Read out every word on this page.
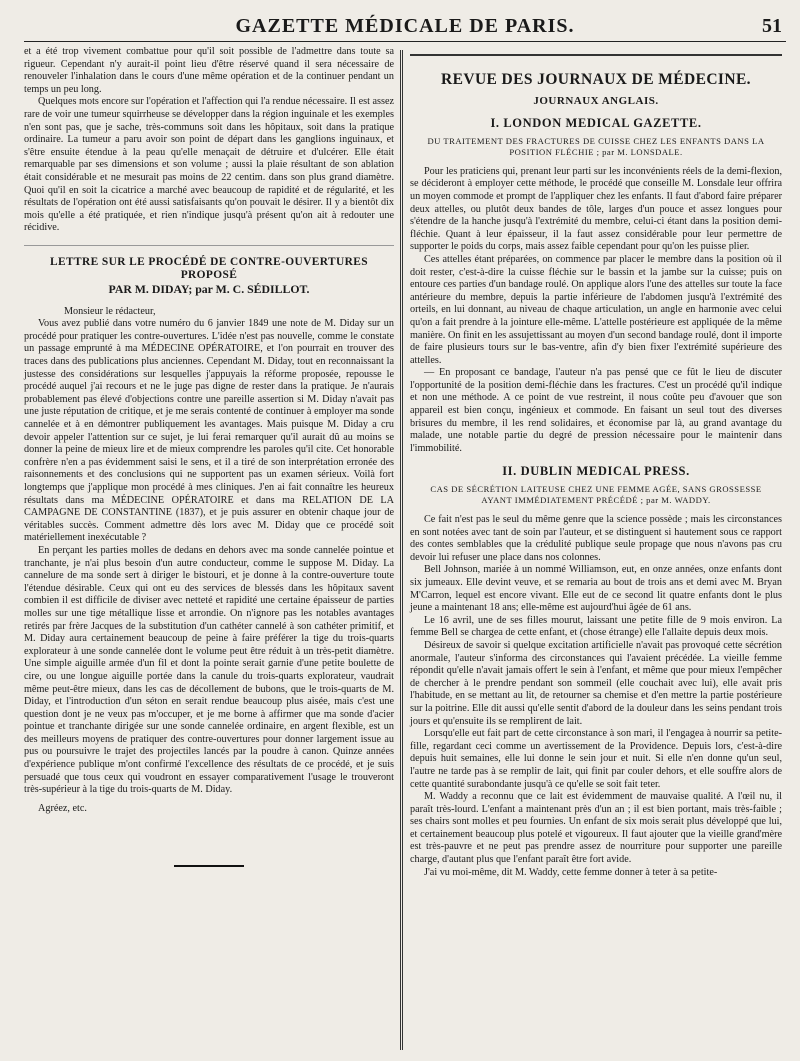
GAZETTE MÉDICALE DE PARIS.	51

et a été trop vivement combattue pour qu'il soit possible de l'admettre dans toute sa rigueur. Cependant n'y aurait-il point lieu d'être réservé quand il sera nécessaire de renouveler l'inhalation dans le cours d'une même opération et de la continuer pendant un temps un peu long.

Quelques mots encore sur l'opération et l'affection qui l'a rendue nécessaire. Il est assez rare de voir une tumeur squirrheuse se développer dans la région inguinale et les exemples n'en sont pas, que je sache, très-communs soit dans les hôpitaux, soit dans la pratique ordinaire. La tumeur a paru avoir son point de départ dans les ganglions inguinaux, et s'être ensuite étendue à la peau qu'elle menaçait de détruire et d'ulcérer. Elle était remarquable par ses dimensions et son volume ; aussi la plaie résultant de son ablation était considérable et ne mesurait pas moins de 22 centim. dans son plus grand diamètre. Quoi qu'il en soit la cicatrice a marché avec beaucoup de rapidité et de régularité, et les résultats de l'opération ont été aussi satisfaisants qu'on pouvait le désirer. Il y a bientôt dix mois qu'elle a été pratiquée, et rien n'indique jusqu'à présent qu'on ait à redouter une récidive.

LETTRE SUR LE PROCÉDÉ DE CONTRE-OUVERTURES PROPOSÉ
PAR M. DIDAY; par M. C. SÉDILLOT.

Monsieur le rédacteur,

Vous avez publié dans votre numéro du 6 janvier 1849 une note de M. Diday sur un procédé pour pratiquer les contre-ouvertures. L'idée n'est pas nouvelle, comme le constate un passage emprunté à ma MÉDECINE OPÉRATOIRE, et l'on pourrait en trouver des traces dans des publications plus anciennes. Cependant M. Diday, tout en reconnaissant la justesse des considérations sur lesquelles j'appuyais la réforme proposée, repousse le procédé auquel j'ai recours et ne le juge pas digne de rester dans la pratique. Je n'aurais probablement pas élevé d'objections contre une pareille assertion si M. Diday n'avait pas une juste réputation de critique, et je me serais contenté de continuer à employer ma sonde cannelée et à en démontrer publiquement les avantages. Mais puisque M. Diday a cru devoir appeler l'attention sur ce sujet, je lui ferai remarquer qu'il aurait dû au moins se donner la peine de mieux lire et de mieux comprendre les paroles qu'il cite. Cet honorable confrère n'en a pas évidemment saisi le sens, et il a tiré de son interprétation erronée des raisonnements et des conclusions qui ne supportent pas un examen sérieux. Voilà fort longtemps que j'applique mon procédé à mes cliniques. J'en ai fait connaître les heureux résultats dans ma MÉDECINE OPÉRATOIRE et dans ma RELATION DE LA CAMPAGNE DE CONSTANTINE (1837), et je puis assurer en obtenir chaque jour de véritables succès. Comment admettre dès lors avec M. Diday que ce procédé soit matériellement inexécutable ?

En perçant les parties molles de dedans en dehors avec ma sonde cannelée pointue et tranchante, je n'ai plus besoin d'un autre conducteur, comme le suppose M. Diday. La cannelure de ma sonde sert à diriger le bistouri, et je donne à la contre-ouverture toute l'étendue désirable. Ceux qui ont eu des services de blessés dans les hôpitaux savent combien il est difficile de diviser avec netteté et rapidité une certaine épaisseur de parties molles sur une tige métallique lisse et arrondie. On n'ignore pas les notables avantages retirés par frère Jacques de la substitution d'un cathéter cannelé à son cathéter primitif, et M. Diday aura certainement beaucoup de peine à faire préférer la tige du trois-quarts explorateur à une sonde cannelée dont le volume peut être réduit à un très-petit diamètre. Une simple aiguille armée d'un fil et dont la pointe serait garnie d'une petite boulette de cire, ou une longue aiguille portée dans la canule du trois-quarts explorateur, vaudrait même peut-être mieux, dans les cas de décollement de bubons, que le trois-quarts de M. Diday, et l'introduction d'un séton en serait rendue beaucoup plus aisée, mais c'est une question dont je ne veux pas m'occuper, et je me borne à affirmer que ma sonde d'acier pointue et tranchante dirigée sur une sonde cannelée ordinaire, en argent flexible, est un des meilleurs moyens de pratiquer des contre-ouvertures pour donner largement issue au pus ou poursuivre le trajet des projectiles lancés par la poudre à canon. Quinze années d'expérience publique m'ont confirmé l'excellence des résultats de ce procédé, et je suis persuadé que tous ceux qui voudront en essayer comparativement l'usage le trouveront très-supérieur à la tige du trois-quarts de M. Diday.

Agréez, etc.

REVUE DES JOURNAUX DE MÉDECINE.
JOURNAUX ANGLAIS.
I. LONDON MEDICAL GAZETTE.
DU TRAITEMENT DES FRACTURES DE CUISSE CHEZ LES ENFANTS DANS LA POSITION FLÉCHIE ; par M. LONSDALE.

Pour les praticiens qui, prenant leur parti sur les inconvénients réels de la demi-flexion, se décideront à employer cette méthode, le procédé que conseille M. Lonsdale leur offrira un moyen commode et prompt de l'appliquer chez les enfants. Il faut d'abord faire préparer deux attelles, ou plutôt deux bandes de tôle, larges d'un pouce et assez longues pour s'étendre de la hanche jusqu'à l'extrémité du membre, celui-ci étant dans la position demi-fléchie. Quant à leur épaisseur, il la faut assez considérable pour leur permettre de supporter le poids du corps, mais assez faible cependant pour qu'on les puisse plier.

Ces attelles étant préparées, on commence par placer le membre dans la position où il doit rester, c'est-à-dire la cuisse fléchie sur le bassin et la jambe sur la cuisse; puis on entoure ces parties d'un bandage roulé. On applique alors l'une des attelles sur toute la face antérieure du membre, depuis la partie inférieure de l'abdomen jusqu'à l'extrémité des orteils, en lui donnant, au niveau de chaque articulation, un angle en harmonie avec celui qu'on a fait prendre à la jointure elle-même. L'attelle postérieure est appliquée de la même manière. On finit en les assujettissant au moyen d'un second bandage roulé, dont il importe de faire plusieurs tours sur le bas-ventre, afin d'y bien fixer l'extrémité supérieure des attelles.

— En proposant ce bandage, l'auteur n'a pas pensé que ce fût le lieu de discuter l'opportunité de la position demi-fléchie dans les fractures. C'est un procédé qu'il indique et non une méthode. A ce point de vue restreint, il nous coûte peu d'avouer que son appareil est bien conçu, ingénieux et commode. En faisant un seul tout des diverses brisures du membre, il les rend solidaires, et économise par là, au grand avantage du malade, une notable partie du degré de pression nécessaire pour le maintenir dans l'immobilité.

II. DUBLIN MEDICAL PRESS.
CAS DE SÉCRÉTION LAITEUSE CHEZ UNE FEMME AGÉE, SANS GROSSESSE AYANT IMMÉDIATEMENT PRÉCÉDÉ ; par M. WADDY.

Ce fait n'est pas le seul du même genre que la science possède ; mais les circonstances en sont notées avec tant de soin par l'auteur, et se distinguent si hautement sous ce rapport des contes semblables que la crédulité publique seule propage que nous n'avons pas cru devoir lui refuser une place dans nos colonnes.

Bell Johnson, mariée à un nommé Williamson, eut, en onze années, onze enfants dont six jumeaux. Elle devint veuve, et se remaria au bout de trois ans et demi avec M. Bryan M'Carron, lequel est encore vivant. Elle eut de ce second lit quatre enfants dont le plus jeune a maintenant 18 ans; elle-même est aujourd'hui âgée de 61 ans.

Le 16 avril, une de ses filles mourut, laissant une petite fille de 9 mois environ. La femme Bell se chargea de cette enfant, et (chose étrange) elle l'allaite depuis deux mois.

Désireux de savoir si quelque excitation artificielle n'avait pas provoqué cette sécrétion anormale, l'auteur s'informa des circonstances qui l'avaient précédée. La vieille femme répondit qu'elle n'avait jamais offert le sein à l'enfant, et même que pour mieux l'empêcher de chercher à le prendre pendant son sommeil (elle couchait avec lui), elle avait pris l'habitude, en se mettant au lit, de retourner sa chemise et d'en mettre la partie postérieure sur la poitrine. Elle dit aussi qu'elle sentit d'abord de la douleur dans les seins pendant trois jours et qu'ensuite ils se remplirent de lait.

Lorsqu'elle eut fait part de cette circonstance à son mari, il l'engagea à nourrir sa petite-fille, regardant ceci comme un avertissement de la Providence. Depuis lors, c'est-à-dire depuis huit semaines, elle lui donne le sein jour et nuit. Si elle n'en donne qu'un seul, l'autre ne tarde pas à se remplir de lait, qui finit par couler dehors, et elle souffre alors de cette quantité surabondante jusqu'à ce qu'elle se soit fait teter.

M. Waddy a reconnu que ce lait est évidemment de mauvaise qualité. A l'œil nu, il paraît très-lourd. L'enfant a maintenant près d'un an ; il est bien portant, mais très-faible ; ses chairs sont molles et peu fournies. Un enfant de six mois serait plus développé que lui, et certainement beaucoup plus potelé et vigoureux. Il faut ajouter que la vieille grand'mère est très-pauvre et ne peut pas prendre assez de nourriture pour supporter une pareille charge, d'autant plus que l'enfant paraît être fort avide.

J'ai vu moi-même, dit M. Waddy, cette femme donner à teter à sa petite-
